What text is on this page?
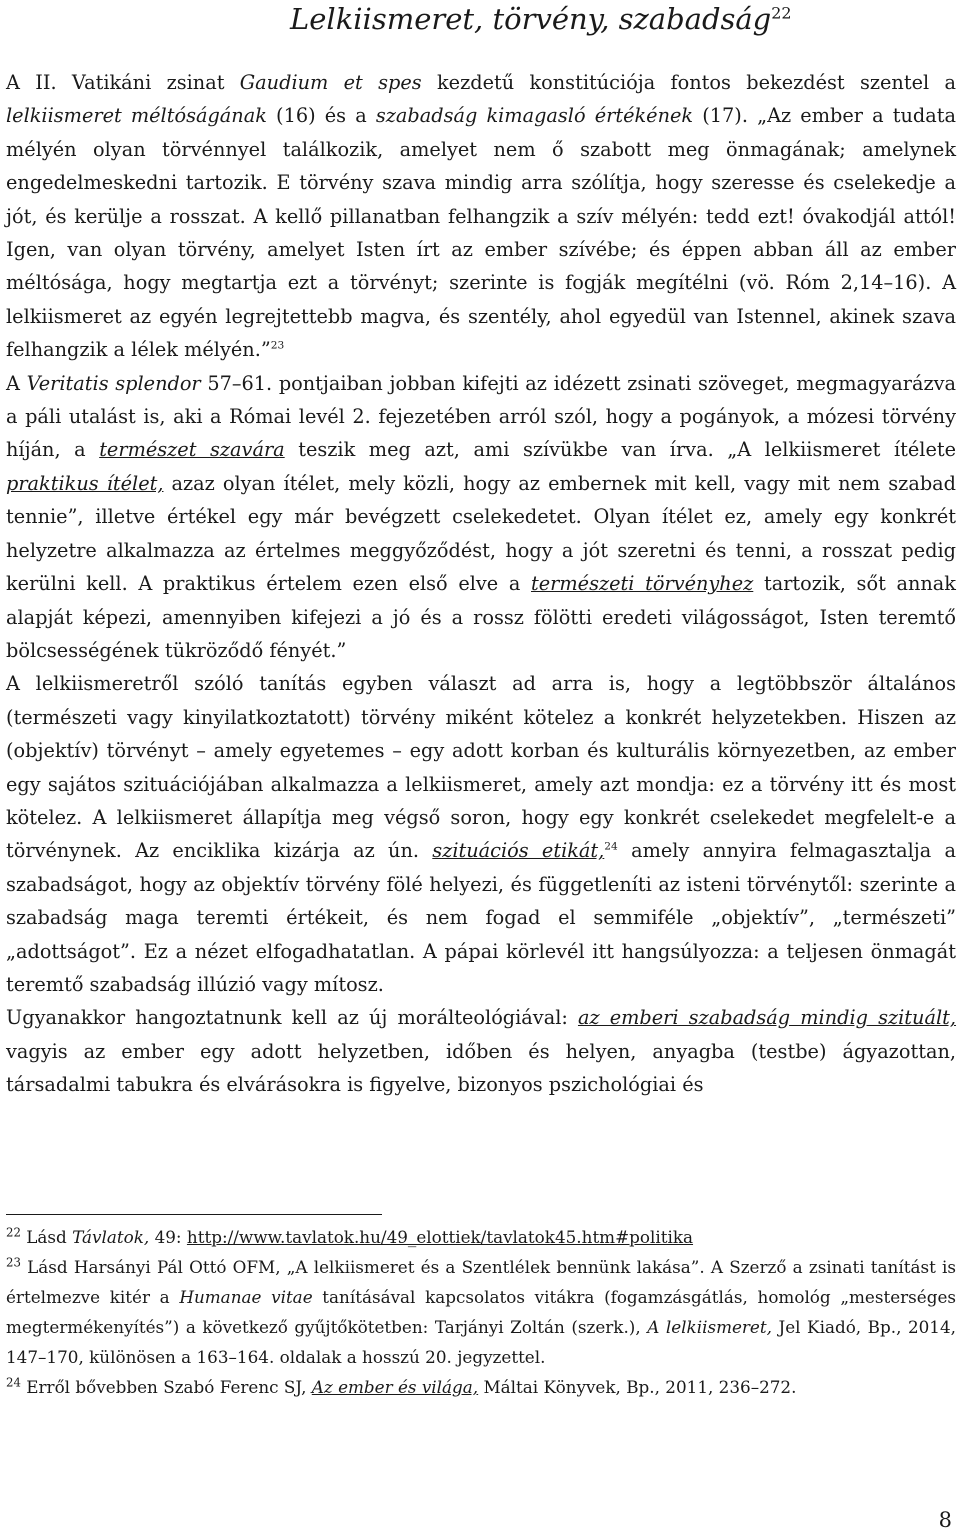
Lelkiismeret, törvény, szabadság$^{22}$

A II. Vatikáni zsinat Gaudium et spes kezdetű konstitúciója fontos bekezdést szentel a lelkiismeret méltóságának (16) és a szabadság kimagasló értékének (17). „Az ember a tudata mélyén olyan törvénnyel találkozik, amelyet nem ő szabott meg önmagának; amelynek engedelmeskedni tartozik. E törvény szava mindig arra szólítja, hogy szeresse és cselekedje a jót, és kerülje a rosszat. A kellő pillanatban felhangzik a szív mélyén: tedd ezt! óvakodjál attól! Igen, van olyan törvény, amelyet Isten írt az ember szívébe; és éppen abban áll az ember méltósága, hogy megtartja ezt a törvényt; szerinte is fogják megítélni (vö. Róm 2,14–16). A lelkiismeret az egyén legrejtettebb magva, és szentély, ahol egyedül van Istennel, akinek szava felhangzik a lélek mélyén.”$^{23}$

A Veritatis splendor 57–61. pontjaiban jobban kifejti az idézett zsinati szöveget, megmagyarázva a páli utalást is, aki a Római levél 2. fejezetében arról szól, hogy a pogányok, a mózesi törvény híján, a természet szavára teszik meg azt, ami szívükbe van írva. „A lelkiismeret ítélete praktikus ítélet, azaz olyan ítélet, mely közli, hogy az embernek mit kell, vagy mit nem szabad tennie”, illetve értékel egy már bevégzett cselekedetet. Olyan ítélet ez, amely egy konkrét helyzetre alkalmazza az értelmes meggyőződést, hogy a jót szeretni és tenni, a rosszat pedig kerülni kell. A praktikus értelem ezen első elve a természeti törvényhez tartozik, sőt annak alapját képezi, amennyiben kifejezi a jó és a rossz fölötti eredeti világosságot, Isten teremtő bölcsességének tükröződő fényét.”

A lelkiismeretről szóló tanítás egyben választ ad arra is, hogy a legtöbbször általános (természeti vagy kinyilatkoztatott) törvény miként kötelez a konkrét helyzetekben. Hiszen az (objektív) törvényt – amely egyetemes – egy adott korban és kulturális környezetben, az ember egy sajátos szituációjában alkalmazza a lelkiismeret, amely azt mondja: ez a törvény itt és most kötelez. A lelkiismeret állapítja meg végső soron, hogy egy konkrét cselekedet megfelelt-e a törvénynek. Az enciklika kizárja az ún. szituációs etikát,$^{24}$ amely annyira felmagasztalja a szabadságot, hogy az objektív törvény fölé helyezi, és függetleníti az isteni törvénytől: szerinte a szabadság maga teremti értékeit, és nem fogad el semmiféle „objektív”, „természeti” „adottságot”. Ez a nézet elfogadhatatlan. A pápai körlevél itt hangsúlyozza: a teljesen önmagát teremtő szabadság illúzió vagy mítosz.

Ugyanakkor hangoztatnunk kell az új morálteológiával: az emberi szabadság mindig szituált, vagyis az ember egy adott helyzetben, időben és helyen, anyagba (testbe) ágyazottan, társadalmi tabukra és elvárásokra is figyelve, bizonyos pszichológiai és

$^{22}$ Lásd Távlatok, 49: http://www.tavlatok.hu/49_elottiek/tavlatok45.htm#politika

$^{23}$ Lásd Harsányi Pál Ottó OFM, „A lelkiismeret és a Szentlélek bennünk lakása”. A Szerző a zsinati tanítást is értelmezve kitér a Humanae vitae tanításával kapcsolatos vitákra (fogamzásgátlás, homológ „mesterséges megtermékenyítés”) a következő gyűjtőkötetben: Tarjányi Zoltán (szerk.), A lelkiismeret, Jel Kiadó, Bp., 2014, 147–170, különösen a 163–164. oldalak a hosszú 20. jegyzettel.

$^{24}$ Erről bővebben Szabó Ferenc SJ, Az ember és világa, Máltai Könyvek, Bp., 2011, 236–272.

8
